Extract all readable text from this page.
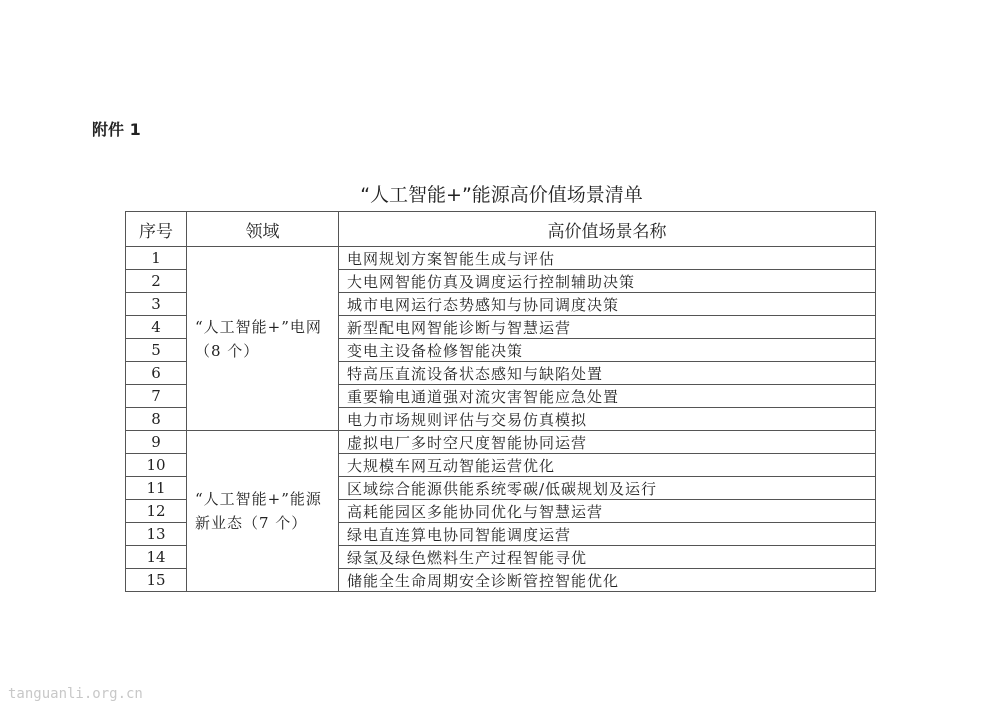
附件 1
“人工智能+”能源高价值场景清单
序号	领域	高价值场景名称
1	“人工智能+”电网（8 个）	电网规划方案智能生成与评估
2		大电网智能仿真及调度运行控制辅助决策
3		城市电网运行态势感知与协同调度决策
4		新型配电网智能诊断与智慧运营
5		变电主设备检修智能决策
6		特高压直流设备状态感知与缺陷处置
7		重要输电通道强对流灾害智能应急处置
8		电力市场规则评估与交易仿真模拟
9	“人工智能+”能源新业态（7 个）	虚拟电厂多时空尺度智能协同运营
10		大规模车网互动智能运营优化
11		区域综合能源供能系统零碳/低碳规划及运行
12		高耗能园区多能协同优化与智慧运营
13		绿电直连算电协同智能调度运营
14		绿氢及绿色燃料生产过程智能寻优
15		储能全生命周期安全诊断管控智能优化
tanguanli.org.cn
